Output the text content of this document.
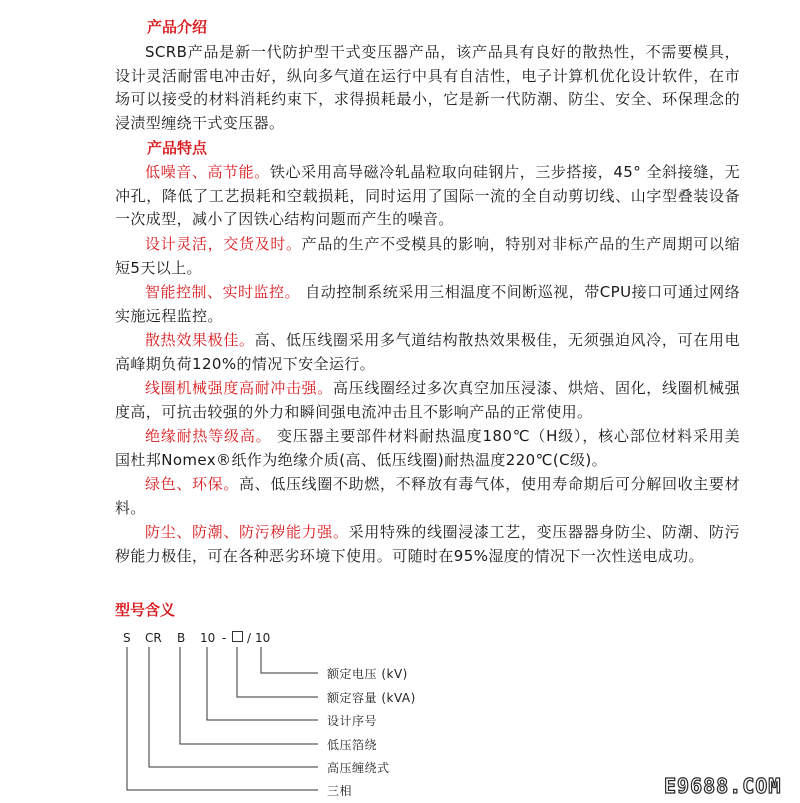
产品介绍
SCRB产品是新一代防护型干式变压器产品，该产品具有良好的散热性，不需要模具，设计灵活耐雷电冲击好，纵向多气道在运行中具有自洁性，电子计算机优化设计软件，在市场可以接受的材料消耗约束下，求得损耗最小，它是新一代防潮、防尘、安全、环保理念的浸渍型缠绕干式变压器。
产品特点
低噪音、高节能。铁心采用高导磁冷轧晶粒取向硅钢片，三步搭接，45° 全斜接缝，无冲孔，降低了工艺损耗和空载损耗，同时运用了国际一流的全自动剪切线、山字型叠装设备一次成型，减小了因铁心结构问题而产生的噪音。
设计灵活，交货及时。产品的生产不受模具的影响，特别对非标产品的生产周期可以缩短5天以上。
智能控制、实时监控。 自动控制系统采用三相温度不间断巡视，带CPU接口可通过网络实施远程监控。
散热效果极佳。高、低压线圈采用多气道结构散热效果极佳，无须强迫风冷，可在用电高峰期负荷120%的情况下安全运行。
线圈机械强度高耐冲击强。高压线圈经过多次真空加压浸漆、烘焙、固化，线圈机械强度高，可抗击较强的外力和瞬间强电流冲击且不影响产品的正常使用。
绝缘耐热等级高。 变压器主要部件材料耐热温度180℃（H级），核心部位材料采用美国杜邦Nomex®纸作为绝缘介质(高、低压线圈)耐热温度220℃(C级)。
绿色、环保。高、低压线圈不助燃，不释放有毒气体，使用寿命期后可分解回收主要材料。
防尘、防潮、防污秽能力强。采用特殊的线圈浸漆工艺，变压器器身防尘、防潮、防污秽能力极佳，可在各种恶劣环境下使用。可随时在95%湿度的情况下一次性送电成功。
型号含义
S CR B 10 - / 10
额定电压 (kV)
额定容量 (kVA)
设计序号
低压箔绕
高压缠绕式
三相	E9688.COM
